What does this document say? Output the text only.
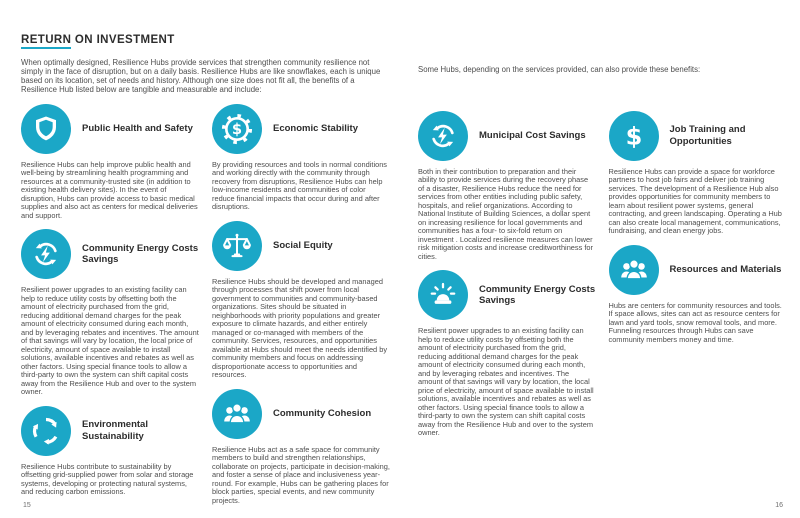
RETURN ON INVESTMENT

When optimally designed, Resilience Hubs provide services that strengthen community resilience not simply in the face of disruption, but on a daily basis. Resilience Hubs are like snowflakes, each is unique based on its location, set of needs and history. Although one size does not fit all, the benefits of a Resilience Hub listed below are tangible and measurable and include:

Public Health and Safety

Resilience Hubs can help improve public health and well-being by streamlining health programming and resources at a community-trusted site (in addition to existing health delivery sites). In the event of disruption, Hubs can provide access to basic medical supplies and also act as centers for medical deliveries and support.

Community Energy Costs Savings

Resilient power upgrades to an existing facility can help to reduce utility costs by offsetting both the amount of electricity purchased from the grid, reducing additional demand charges for the peak amount of electricity consumed during each month, and by leveraging rebates and incentives. The amount of that savings will vary by location, the local price of electricity, amount of space available to install solutions, available incentives and rebates as well as other factors. Using special finance tools to allow a third-party to own the system can shift capital costs away from the Resilience Hub and over to the system owner.

Environmental Sustainability

Resilience Hubs contribute to sustainability by offsetting grid-supplied power from solar and storage systems, developing or protecting natural systems, and reducing carbon emissions.

$	Economic Stability

By providing resources and tools in normal conditions and working directly with the community through recovery from disruptions, Resilience Hubs can help low-income residents and communities of color reduce financial impacts that occur during and after disruptions.

Social Equity

Resilience Hubs should be developed and managed through processes that shift power from local government to communities and community-based organizations. Sites should be situated in neighborhoods with priority populations and greater exposure to climate hazards, and either entirely managed or co-managed with members of the community. Services, resources, and opportunities available at Hubs should meet the needs identified by community members and focus on addressing disproportionate access to opportunities and resources.

Community Cohesion

Resilience Hubs act as a safe space for community members to build and strengthen relationships, collaborate on projects, participate in decision-making, and foster a sense of place and inclusiveness year-round. For example, Hubs can be gathering places for block parties, special events, and new community projects.

15

Some Hubs, depending on the services provided, can also provide these benefits:

Municipal Cost Savings

Both in their contribution to preparation and their ability to provide services during the recovery phase of a disaster, Resilience Hubs reduce the need for services from other entities including public safety, hospitals, and relief organizations. According to National Institute of Building Sciences, a dollar spent on increasing resilience for local governments and communities has a four- to six-fold return on investment . Localized resilience measures can lower risk mitigation costs and increase creditworthiness for cities.

Community Energy Costs Savings

Resilient power upgrades to an existing facility can help to reduce utility costs by offsetting both the amount of electricity purchased from the grid, reducing additional demand charges for the peak amount of electricity consumed during each month, and by leveraging rebates and incentives. The amount of that savings will vary by location, the local price of electricity, amount of space available to install solutions, available incentives and rebates as well as other factors. Using special finance tools to allow a third-party to own the system can shift capital costs away from the Resilience Hub and over to the system owner.

$	Job Training and Opportunities

Resilience Hubs can provide a space for workforce partners to host job fairs and deliver job training services. The development of a Resilience Hub also provides opportunities for community members to learn about resilient power systems, general contracting, and green landscaping. Operating a Hub can also create local management, communications, fundraising, and clean energy jobs.

Resources and Materials

Hubs are centers for community resources and tools. If space allows, sites can act as resource centers for lawn and yard tools, snow removal tools, and more. Funneling resources through Hubs can save community members money and time.

16
